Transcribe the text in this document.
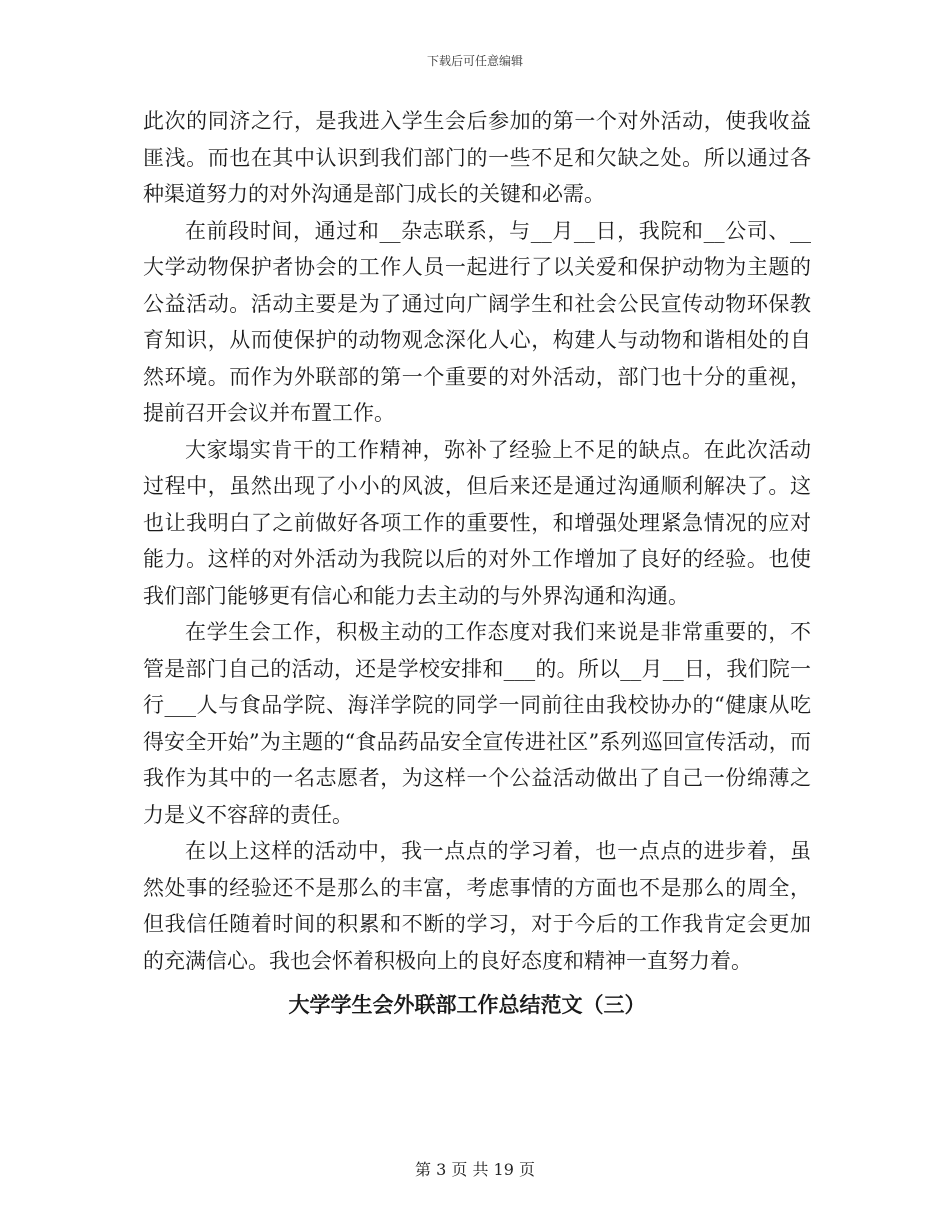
下载后可任意编辑

此次的同济之行，是我进入学生会后参加的第一个对外活动，使我收益匪浅。而也在其中认识到我们部门的一些不足和欠缺之处。所以通过各种渠道努力的对外沟通是部门成长的关键和必需。

在前段时间，通过和__杂志联系，与__月__日，我院和__公司、__大学动物保护者协会的工作人员一起进行了以关爱和保护动物为主题的公益活动。活动主要是为了通过向广阔学生和社会公民宣传动物环保教育知识，从而使保护的动物观念深化人心，构建人与动物和谐相处的自然环境。而作为外联部的第一个重要的对外活动，部门也十分的重视，提前召开会议并布置工作。

大家塌实肯干的工作精神，弥补了经验上不足的缺点。在此次活动过程中，虽然出现了小小的风波，但后来还是通过沟通顺利解决了。这也让我明白了之前做好各项工作的重要性，和增强处理紧急情况的应对能力。这样的对外活动为我院以后的对外工作增加了良好的经验。也使我们部门能够更有信心和能力去主动的与外界沟通和沟通。

在学生会工作，积极主动的工作态度对我们来说是非常重要的，不管是部门自己的活动，还是学校安排和___的。所以__月__日，我们院一行___人与食品学院、海洋学院的同学一同前往由我校协办的“健康从吃得安全开始”为主题的“食品药品安全宣传进社区”系列巡回宣传活动，而我作为其中的一名志愿者，为这样一个公益活动做出了自己一份绵薄之力是义不容辞的责任。

在以上这样的活动中，我一点点的学习着，也一点点的进步着，虽然处事的经验还不是那么的丰富，考虑事情的方面也不是那么的周全，但我信任随着时间的积累和不断的学习，对于今后的工作我肯定会更加的充满信心。我也会怀着积极向上的良好态度和精神一直努力着。

大学学生会外联部工作总结范文（三）
第 3 页 共 19 页
